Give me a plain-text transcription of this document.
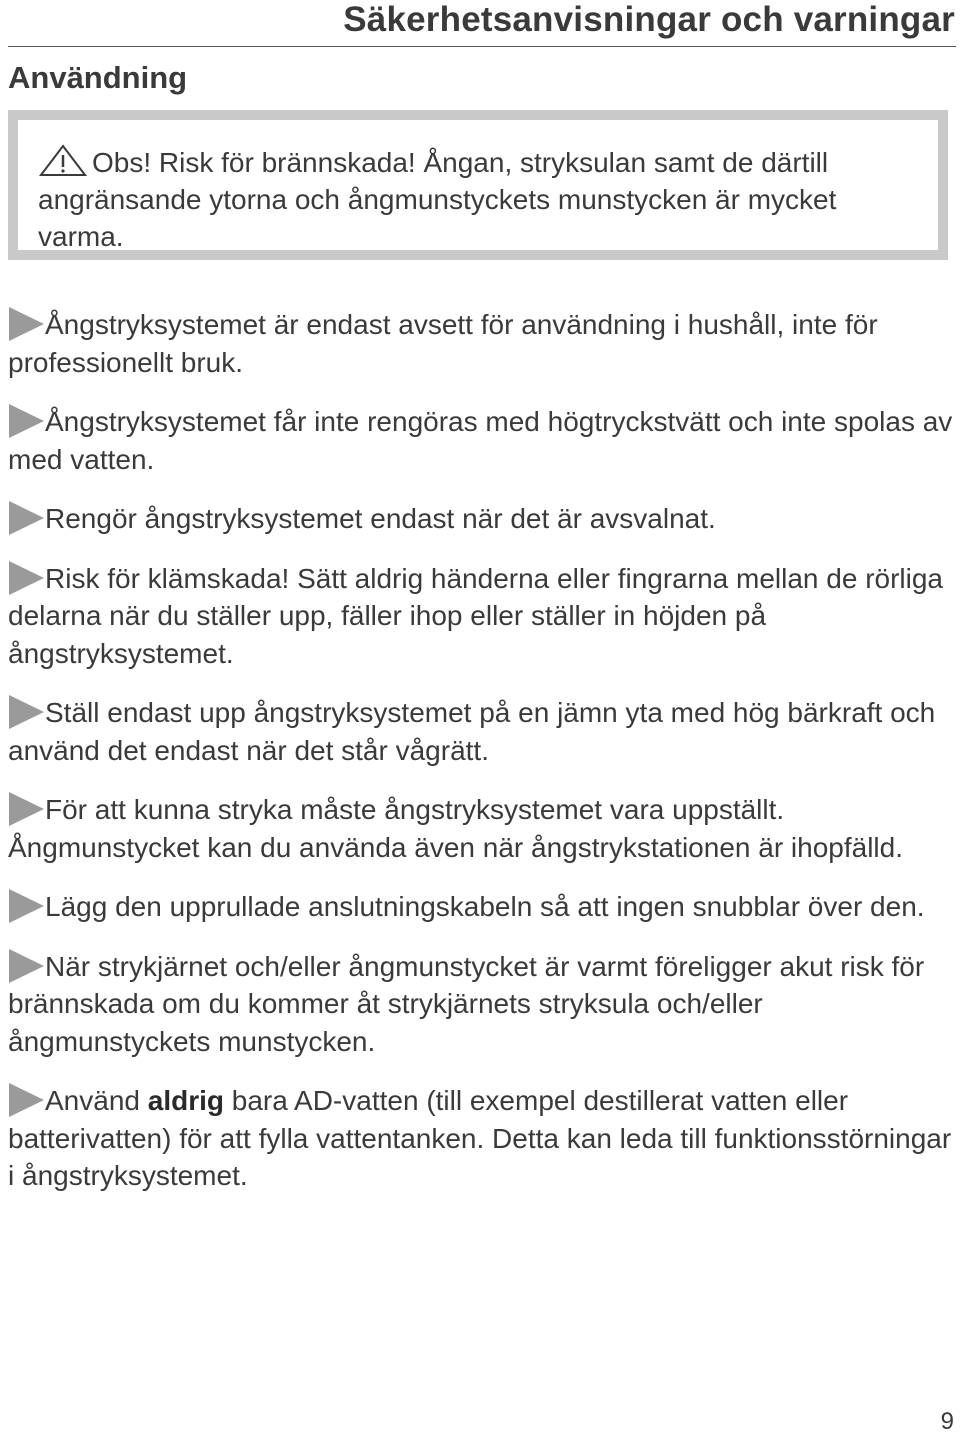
Säkerhetsanvisningar och varningar
Användning
Obs! Risk för brännskada! Ångan, stryksulan samt de därtill angränsande ytorna och ångmunstyckets munstycken är mycket varma.

Ångstryksystemet är endast avsett för användning i hushåll, inte för professionellt bruk.

Ångstryksystemet får inte rengöras med högtryckstvätt och inte spolas av med vatten.

Rengör ångstryksystemet endast när det är avsvalnat.

Risk för klämskada! Sätt aldrig händerna eller fingrarna mellan de rörliga delarna när du ställer upp, fäller ihop eller ställer in höjden på ångstryksystemet.

Ställ endast upp ångstryksystemet på en jämn yta med hög bärkraft och använd det endast när det står vågrätt.

För att kunna stryka måste ångstryksystemet vara uppställt. Ångmunstycket kan du använda även när ångstrykstationen är ihopfälld.

Lägg den upprullade anslutningskabeln så att ingen snubblar över den.

När strykjärnet och/eller ångmunstycket är varmt föreligger akut risk för brännskada om du kommer åt strykjärnets stryksula och/eller ångmunstyckets munstycken.

Använd aldrig bara AD-vatten (till exempel destillerat vatten eller batterivatten) för att fylla vattentanken. Detta kan leda till funktionsstörningar i ångstryksystemet.

9
